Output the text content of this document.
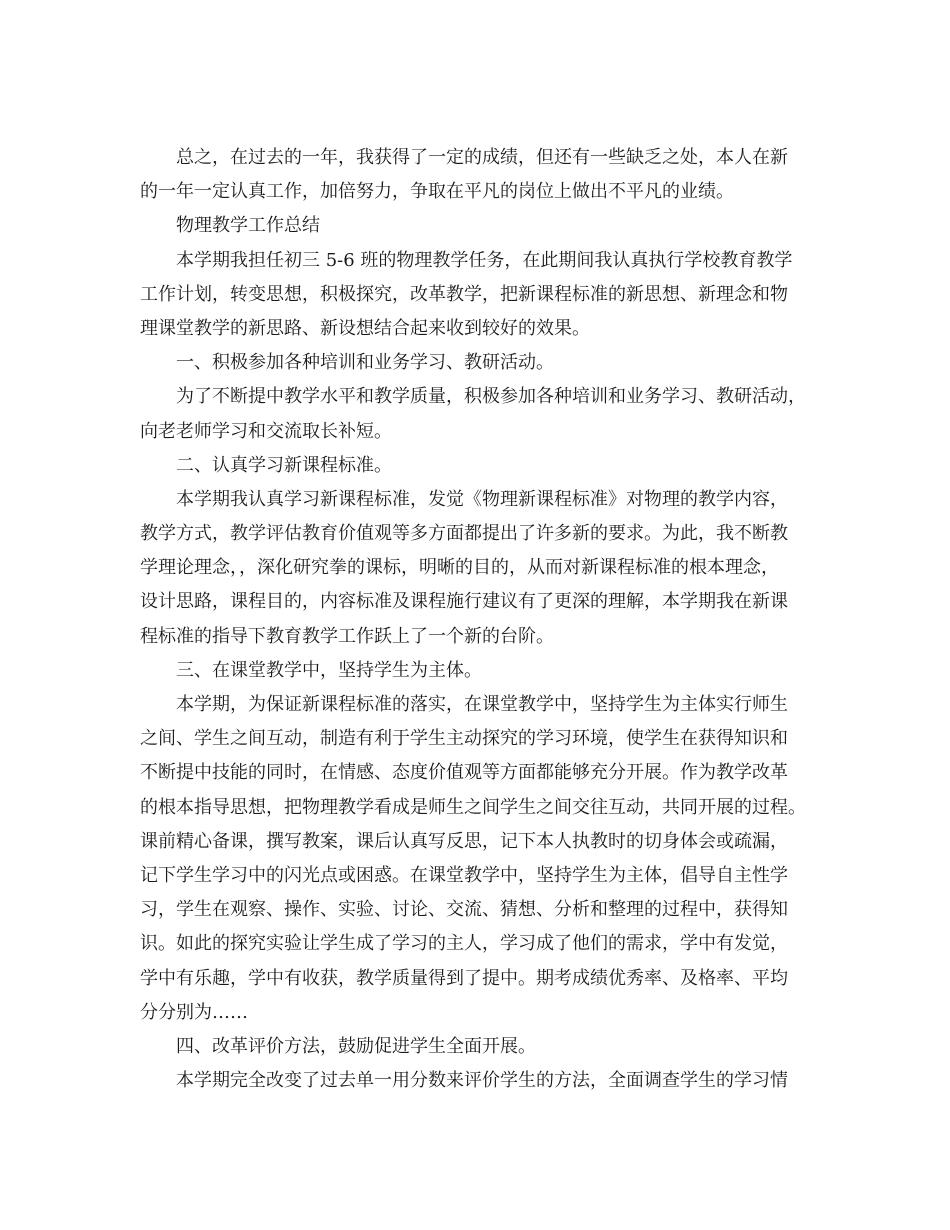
总之，在过去的一年，我获得了一定的成绩，但还有一些缺乏之处，本人在新
的一年一定认真工作，加倍努力，争取在平凡的岗位上做出不平凡的业绩。
物理教学工作总结
本学期我担任初三 5-6 班的物理教学任务，在此期间我认真执行学校教育教学
工作计划，转变思想，积极探究，改革教学，把新课程标准的新思想、新理念和物
理课堂教学的新思路、新设想结合起来收到较好的效果。
一、积极参加各种培训和业务学习、教研活动。
为了不断提中教学水平和教学质量，积极参加各种培训和业务学习、教研活动，
向老老师学习和交流取长补短。
二、认真学习新课程标准。
本学期我认真学习新课程标准，发觉《物理新课程标准》对物理的教学内容，
教学方式，教学评估教育价值观等多方面都提出了许多新的要求。为此，我不断教
学理论理念，，深化研究拳的课标，明晰的目的，从而对新课程标准的根本理念，
设计思路，课程目的，内容标准及课程施行建议有了更深的理解，本学期我在新课
程标准的指导下教育教学工作跃上了一个新的台阶。
三、在课堂教学中，坚持学生为主体。
本学期，为保证新课程标准的落实，在课堂教学中，坚持学生为主体实行师生
之间、学生之间互动，制造有利于学生主动探究的学习环境，使学生在获得知识和
不断提中技能的同时，在情感、态度价值观等方面都能够充分开展。作为教学改革
的根本指导思想，把物理教学看成是师生之间学生之间交往互动，共同开展的过程。
课前精心备课，撰写教案，课后认真写反思，记下本人执教时的切身体会或疏漏，
记下学生学习中的闪光点或困惑。在课堂教学中，坚持学生为主体，倡导自主性学
习，学生在观察、操作、实验、讨论、交流、猜想、分析和整理的过程中，获得知
识。如此的探究实验让学生成了学习的主人，学习成了他们的需求，学中有发觉，
学中有乐趣，学中有收获，教学质量得到了提中。期考成绩优秀率、及格率、平均
分分别为……
四、改革评价方法，鼓励促进学生全面开展。
本学期完全改变了过去单一用分数来评价学生的方法，全面调查学生的学习情
